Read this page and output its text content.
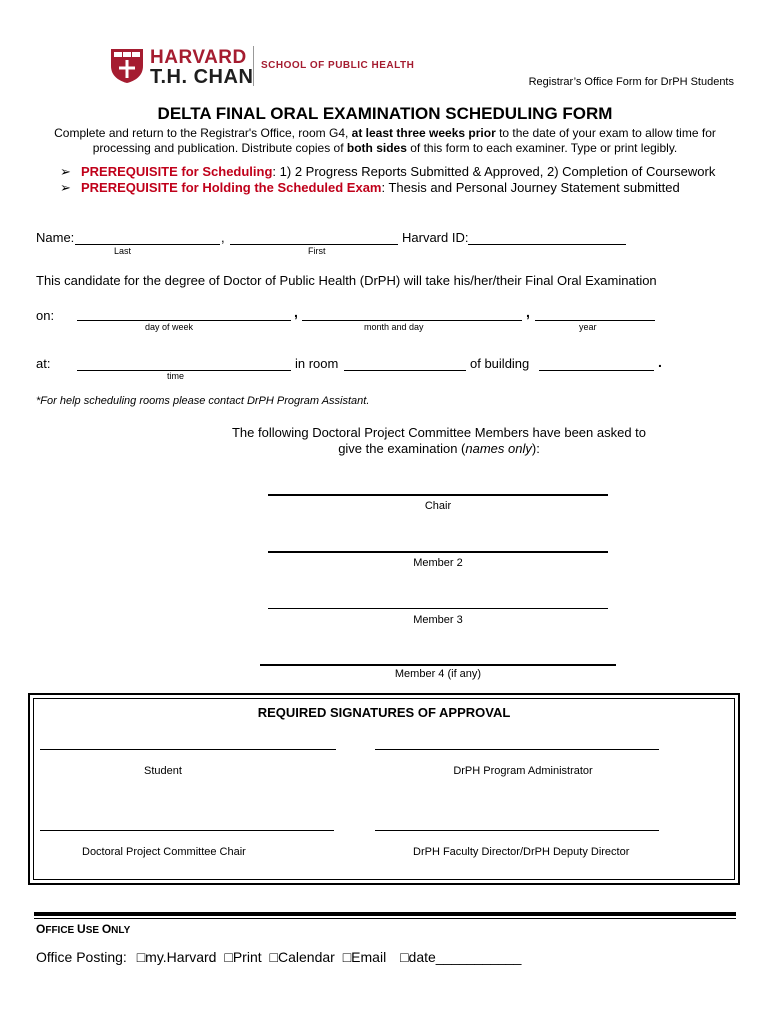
HARVARD
T.H. CHAN
SCHOOL OF PUBLIC HEALTH
Registrar’s Office Form for DrPH Students
DELTA FINAL ORAL EXAMINATION SCHEDULING FORM
Complete and return to the Registrar's Office, room G4, at least three weeks prior to the date of your exam to allow time for processing and publication. Distribute copies of both sides of this form to each examiner. Type or print legibly.
➢ PREREQUISITE for Scheduling: 1) 2 Progress Reports Submitted & Approved, 2) Completion of Coursework
➢ PREREQUISITE for Holding the Scheduled Exam: Thesis and Personal Journey Statement submitted
Name:	,	Harvard ID:
Last	First
This candidate for the degree of Doctor of Public Health (DrPH) will take his/her/their Final Oral Examination
on:	,	,
day of week	month and day	year
at:	in room	of building	.
time
*For help scheduling rooms please contact DrPH Program Assistant.
The following Doctoral Project Committee Members have been asked to
give the examination (names only):
Chair
Member 2
Member 3
Member 4 (if any)
REQUIRED SIGNATURES OF APPROVAL
Student	DrPH Program Administrator
Doctoral Project Committee Chair	DrPH Faculty Director/DrPH Deputy Director
OFFICE USE ONLY
Office Posting: □my.Harvard □Print □Calendar □Email □date___________
